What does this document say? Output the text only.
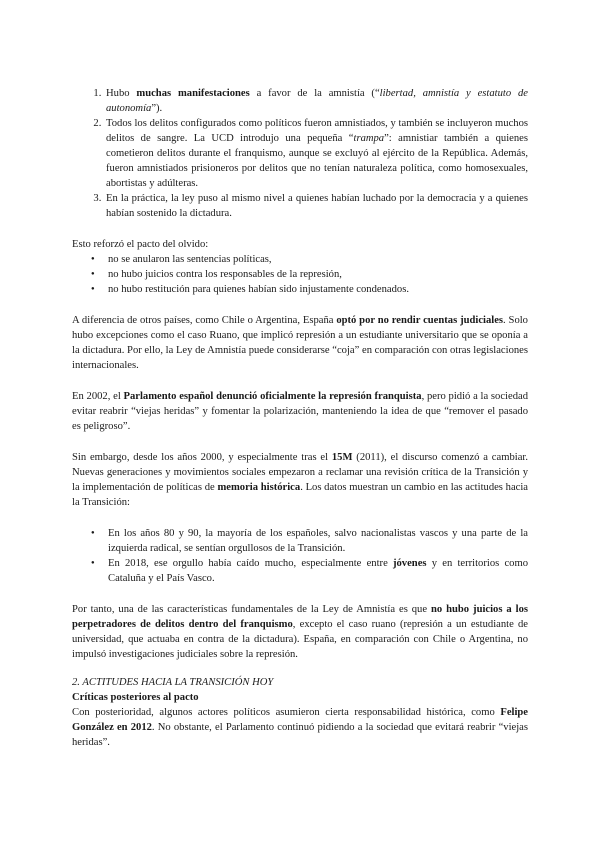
1. Hubo muchas manifestaciones a favor de la amnistía (“libertad, amnistía y estatuto de autonomía”).
2. Todos los delitos configurados como políticos fueron amnistiados, y también se incluyeron muchos delitos de sangre. La UCD introdujo una pequeña “trampa”: amnistiar también a quienes cometieron delitos durante el franquismo, aunque se excluyó al ejército de la República. Además, fueron amnistiados prisioneros por delitos que no tenían naturaleza política, como homosexuales, abortistas y adúlteras.
3. En la práctica, la ley puso al mismo nivel a quienes habían luchado por la democracia y a quienes habían sostenido la dictadura.

Esto reforzó el pacto del olvido:

● no se anularon las sentencias políticas,
● no hubo juicios contra los responsables de la represión,
● no hubo restitución para quienes habían sido injustamente condenados.

A diferencia de otros países, como Chile o Argentina, España optó por no rendir cuentas judiciales. Solo hubo excepciones como el caso Ruano, que implicó represión a un estudiante universitario que se oponía a la dictadura. Por ello, la Ley de Amnistía puede considerarse “coja” en comparación con otras legislaciones internacionales.

En 2002, el Parlamento español denunció oficialmente la represión franquista, pero pidió a la sociedad evitar reabrir “viejas heridas” y fomentar la polarización, manteniendo la idea de que “remover el pasado es peligroso”.

Sin embargo, desde los años 2000, y especialmente tras el 15M (2011), el discurso comenzó a cambiar. Nuevas generaciones y movimientos sociales empezaron a reclamar una revisión crítica de la Transición y la implementación de políticas de memoria histórica. Los datos muestran un cambio en las actitudes hacia la Transición:

● En los años 80 y 90, la mayoría de los españoles, salvo nacionalistas vascos y una parte de la izquierda radical, se sentían orgullosos de la Transición.
● En 2018, ese orgullo había caído mucho, especialmente entre jóvenes y en territorios como Cataluña y el País Vasco.

Por tanto, una de las características fundamentales de la Ley de Amnistía es que no hubo juicios a los perpetradores de delitos dentro del franquismo, excepto el caso ruano (represión a un estudiante de universidad, que actuaba en contra de la dictadura). España, en comparación con Chile o Argentina, no impulsó investigaciones judiciales sobre la represión.

2. ACTITUDES HACIA LA TRANSICIÓN HOY

Críticas posteriores al pacto

Con posterioridad, algunos actores políticos asumieron cierta responsabilidad histórica, como Felipe González en 2012. No obstante, el Parlamento continuó pidiendo a la sociedad que evitará reabrir “viejas heridas”.
